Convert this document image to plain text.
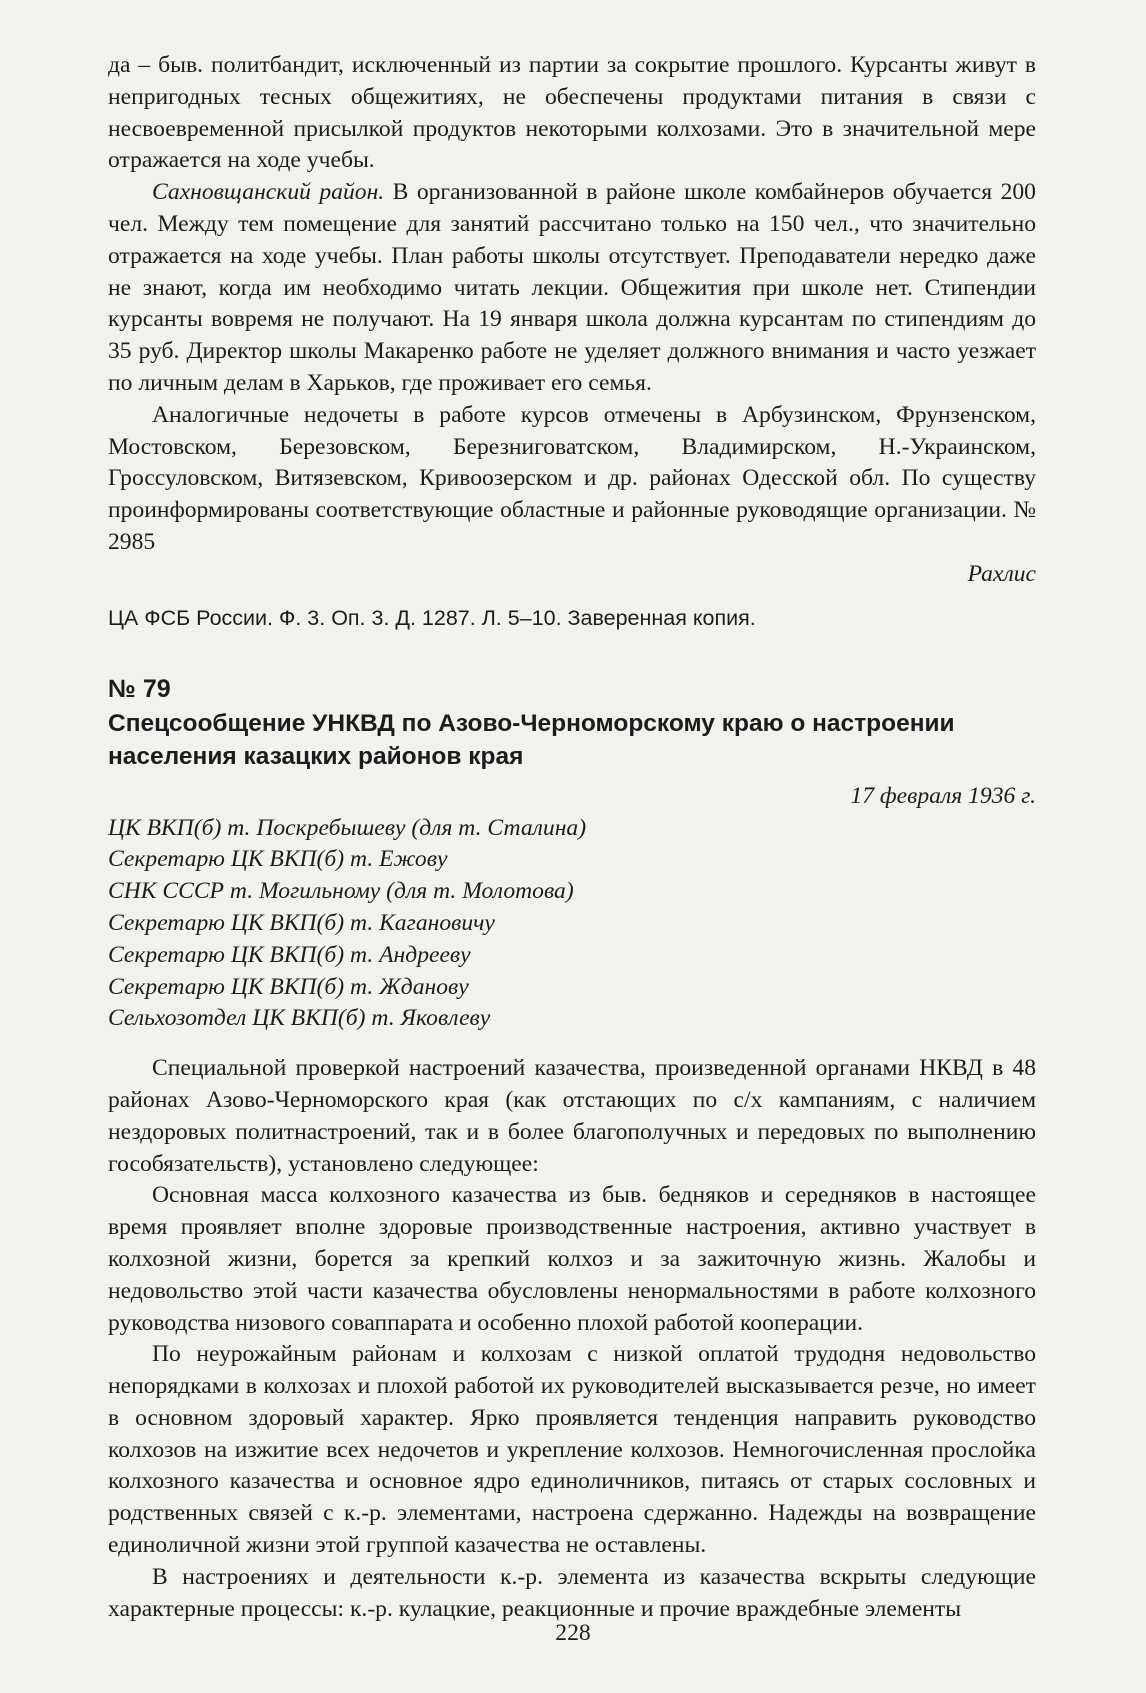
да – быв. политбандит, исключенный из партии за сокрытие прошлого. Курсанты живут в непригодных тесных общежитиях, не обеспечены продуктами питания в связи с несвоевременной присылкой продуктов некоторыми колхозами. Это в значительной мере отражается на ходе учебы.

Сахновщанский район. В организованной в районе школе комбайнеров обучается 200 чел. Между тем помещение для занятий рассчитано только на 150 чел., что значительно отражается на ходе учебы. План работы школы отсутствует. Преподаватели нередко даже не знают, когда им необходимо читать лекции. Общежития при школе нет. Стипендии курсанты вовремя не получают. На 19 января школа должна курсантам по стипендиям до 35 руб. Директор школы Макаренко работе не уделяет должного внимания и часто уезжает по личным делам в Харьков, где проживает его семья.

Аналогичные недочеты в работе курсов отмечены в Арбузинском, Фрунзенском, Мостовском, Березовском, Березниговатском, Владимирском, Н.-Украинском, Гроссуловском, Витязевском, Кривоозерском и др. районах Одесской обл. По существу проинформированы соответствующие областные и районные руководящие организации. № 2985

Рахлис

ЦА ФСБ России. Ф. 3. Оп. 3. Д. 1287. Л. 5–10. Заверенная копия.

№ 79

Спецсообщение УНКВД по Азово-Черноморскому краю о настроении населения казацких районов края

17 февраля 1936 г.

ЦК ВКП(б) т. Поскребышеву (для т. Сталина)
Секретарю ЦК ВКП(б) т. Ежову
СНК СССР т. Могильному (для т. Молотова)
Секретарю ЦК ВКП(б) т. Кагановичу
Секретарю ЦК ВКП(б) т. Андрееву
Секретарю ЦК ВКП(б) т. Жданову
Сельхозотдел ЦК ВКП(б) т. Яковлеву

Специальной проверкой настроений казачества, произведенной органами НКВД в 48 районах Азово-Черноморского края (как отстающих по с/х кампаниям, с наличием нездоровых политнастроений, так и в более благополучных и передовых по выполнению гособязательств), установлено следующее:

Основная масса колхозного казачества из быв. бедняков и середняков в настоящее время проявляет вполне здоровые производственные настроения, активно участвует в колхозной жизни, борется за крепкий колхоз и за зажиточную жизнь. Жалобы и недовольство этой части казачества обусловлены ненормальностями в работе колхозного руководства низового соваппарата и особенно плохой работой кооперации.

По неурожайным районам и колхозам с низкой оплатой трудодня недовольство непорядками в колхозах и плохой работой их руководителей высказывается резче, но имеет в основном здоровый характер. Ярко проявляется тенденция направить руководство колхозов на изжитие всех недочетов и укрепление колхозов. Немногочисленная прослойка колхозного казачества и основное ядро единоличников, питаясь от старых сословных и родственных связей с к.-р. элементами, настроена сдержанно. Надежды на возвращение единоличной жизни этой группой казачества не оставлены.

В настроениях и деятельности к.-р. элемента из казачества вскрыты следующие характерные процессы: к.-р. кулацкие, реакционные и прочие враждебные элементы

228
